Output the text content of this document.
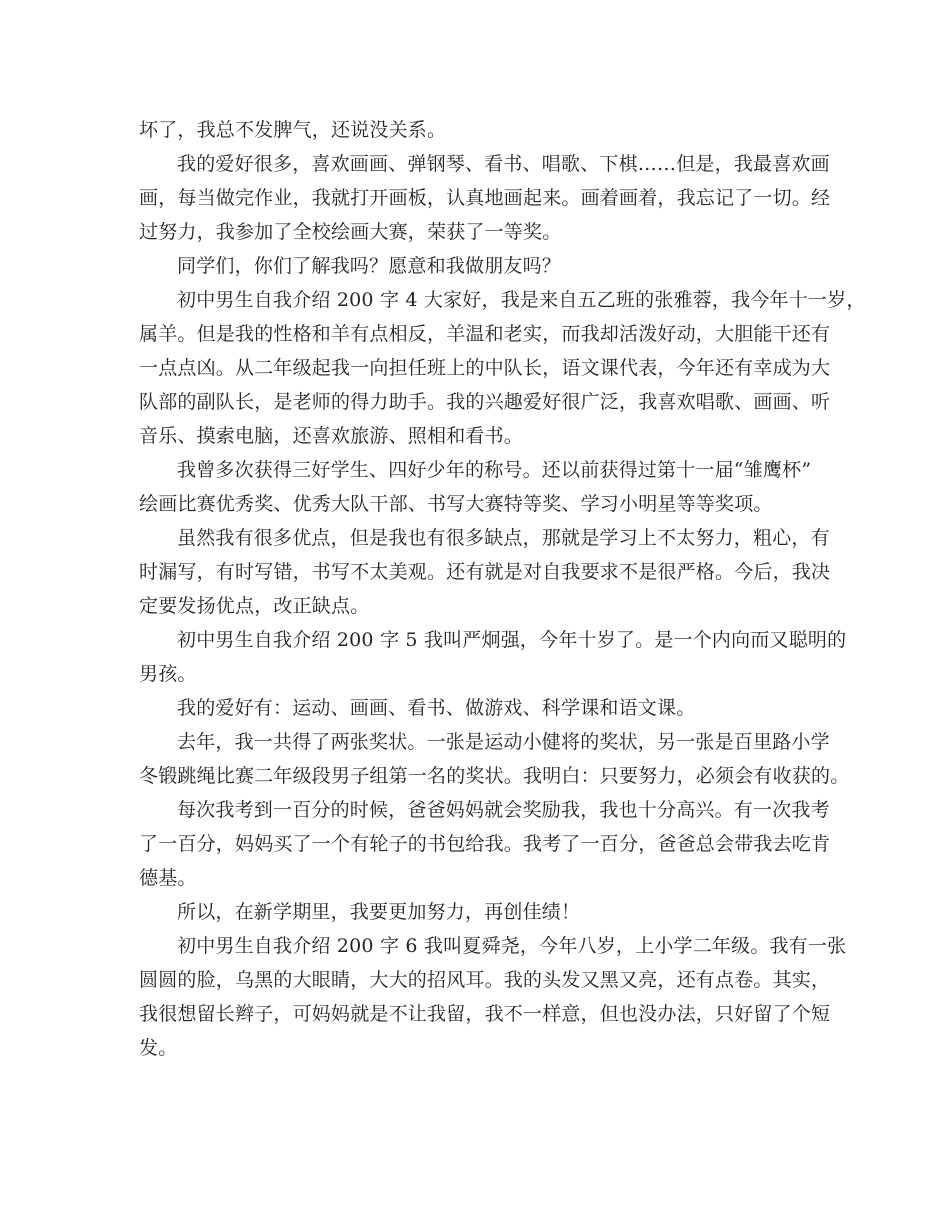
坏了，我总不发脾气，还说没关系。
我的爱好很多，喜欢画画、弹钢琴、看书、唱歌、下棋……但是，我最喜欢画
画，每当做完作业，我就打开画板，认真地画起来。画着画着，我忘记了一切。经
过努力，我参加了全校绘画大赛，荣获了一等奖。
同学们，你们了解我吗？愿意和我做朋友吗？
初中男生自我介绍 200 字 4 大家好，我是来自五乙班的张雅蓉，我今年十一岁，
属羊。但是我的性格和羊有点相反，羊温和老实，而我却活泼好动，大胆能干还有
一点点凶。从二年级起我一向担任班上的中队长，语文课代表，今年还有幸成为大
队部的副队长，是老师的得力助手。我的兴趣爱好很广泛，我喜欢唱歌、画画、听
音乐、摸索电脑，还喜欢旅游、照相和看书。
我曾多次获得三好学生、四好少年的称号。还以前获得过第十一届“雏鹰杯”
绘画比赛优秀奖、优秀大队干部、书写大赛特等奖、学习小明星等等奖项。
虽然我有很多优点，但是我也有很多缺点，那就是学习上不太努力，粗心，有
时漏写，有时写错，书写不太美观。还有就是对自我要求不是很严格。今后，我决
定要发扬优点，改正缺点。
初中男生自我介绍 200 字 5 我叫严炯强，今年十岁了。是一个内向而又聪明的
男孩。
我的爱好有：运动、画画、看书、做游戏、科学课和语文课。
去年，我一共得了两张奖状。一张是运动小健将的奖状，另一张是百里路小学
冬锻跳绳比赛二年级段男子组第一名的奖状。我明白：只要努力，必须会有收获的。
每次我考到一百分的时候，爸爸妈妈就会奖励我，我也十分高兴。有一次我考
了一百分，妈妈买了一个有轮子的书包给我。我考了一百分，爸爸总会带我去吃肯
德基。
所以，在新学期里，我要更加努力，再创佳绩！
初中男生自我介绍 200 字 6 我叫夏舜尧，今年八岁，上小学二年级。我有一张
圆圆的脸，乌黑的大眼睛，大大的招风耳。我的头发又黑又亮，还有点卷。其实，
我很想留长辫子，可妈妈就是不让我留，我不一样意，但也没办法，只好留了个短
发。
